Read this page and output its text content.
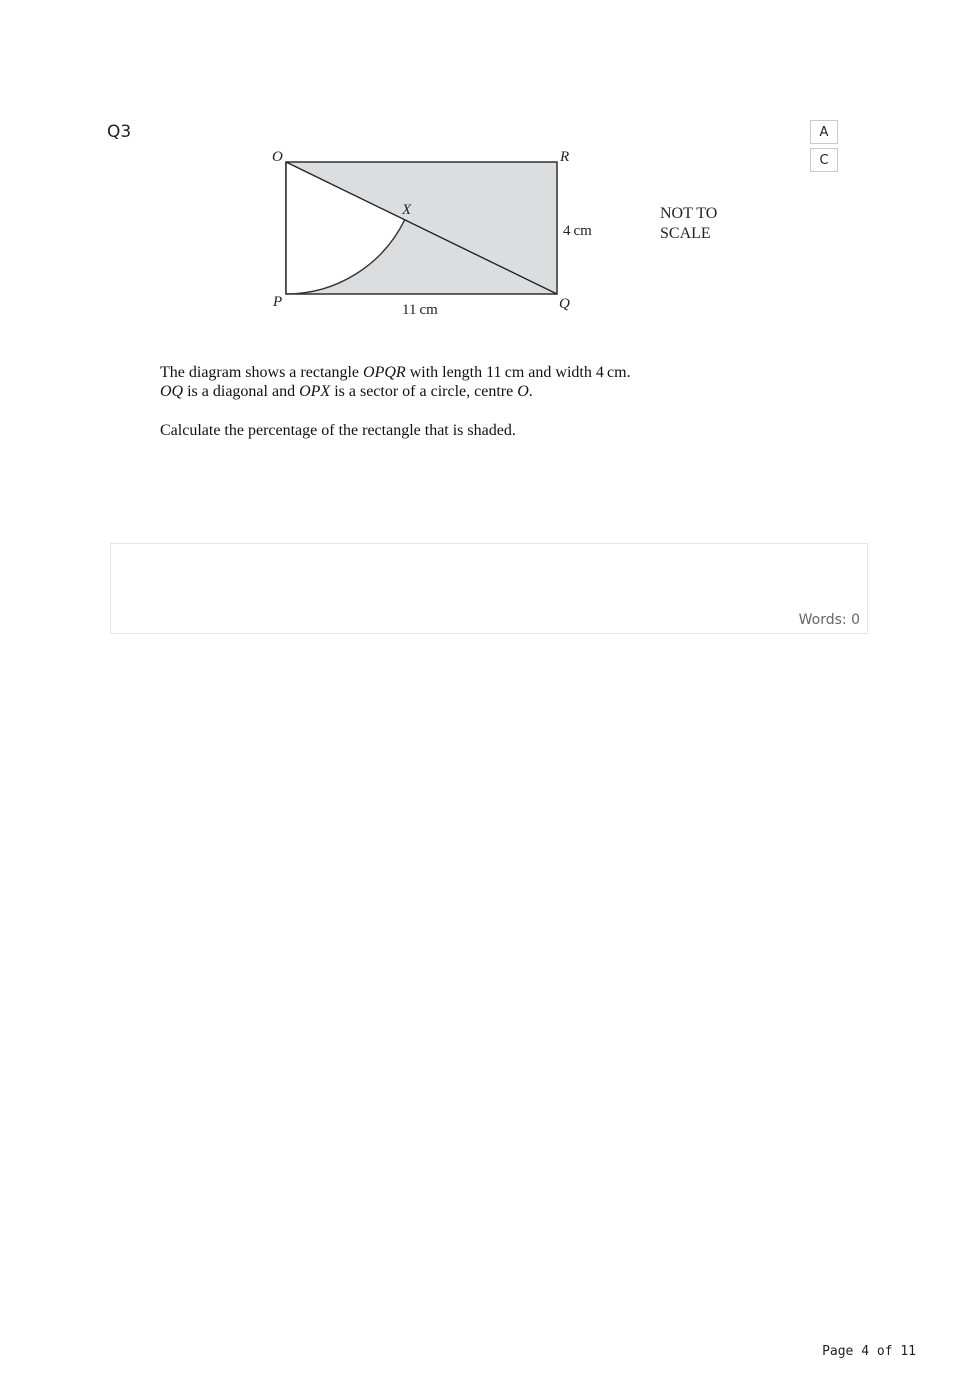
Q3	A
C
O	R
P	Q
X
4 cm
11 cm
NOT TO
SCALE

The diagram shows a rectangle OPQR with length 11 cm and width 4 cm.

OQ is a diagonal and OPX is a sector of a circle, centre O.

Calculate the percentage of the rectangle that is shaded.

Words: 0
Page 4 of 11
